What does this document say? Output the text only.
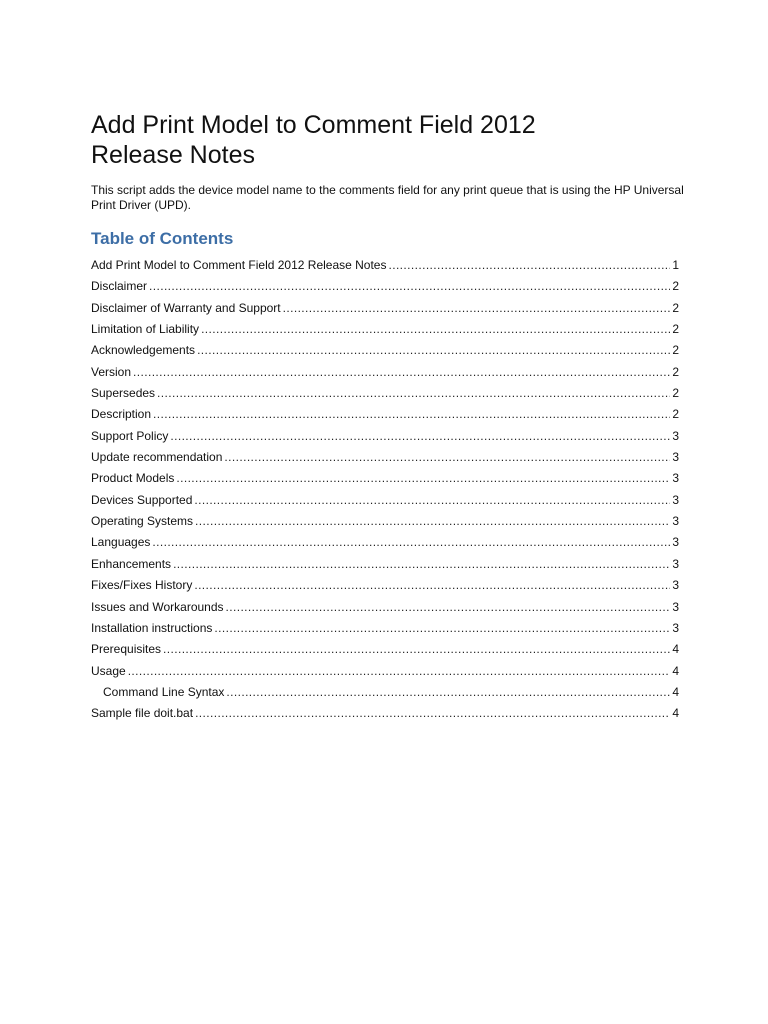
Add Print Model to Comment Field 2012
Release Notes
This script adds the device model name to the comments field for any print queue that is using the HP Universal Print Driver (UPD).
Table of Contents
Add Print Model to Comment Field 2012 Release Notes .....	1
Disclaimer .....	2
Disclaimer of Warranty and Support .....	2
Limitation of Liability .....	2
Acknowledgements .....	2
Version .....	2
Supersedes .....	2
Description .....	2
Support Policy .....	3
Update recommendation .....	3
Product Models .....	3
Devices Supported .....	3
Operating Systems .....	3
Languages .....	3
Enhancements .....	3
Fixes/Fixes History .....	3
Issues and Workarounds .....	3
Installation instructions .....	3
Prerequisites .....	4
Usage .....	4
Command Line Syntax .....	4
Sample file doit.bat .....	4
